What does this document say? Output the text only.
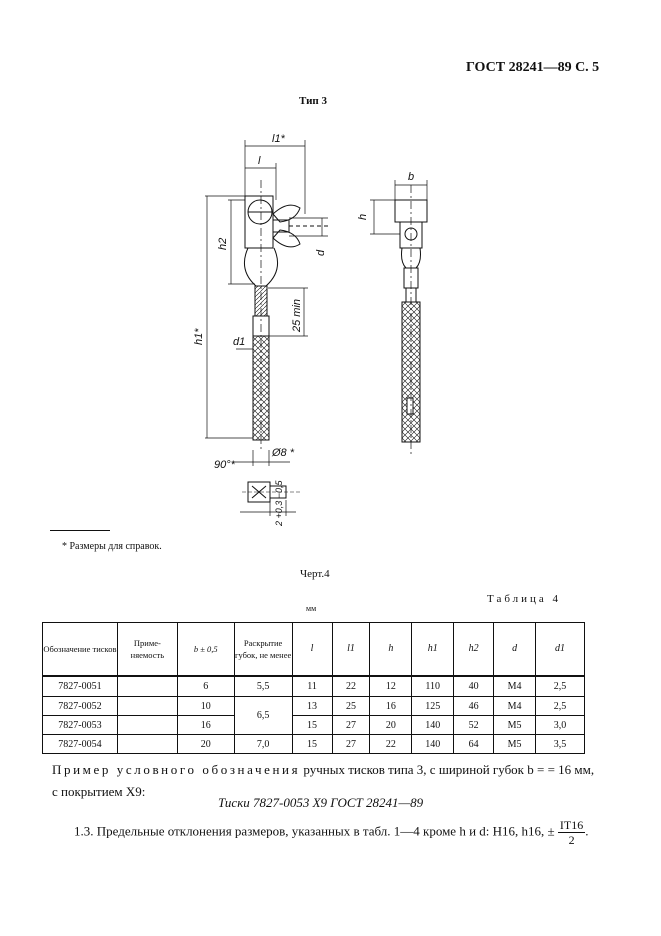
ГОСТ 28241—89 С. 5
Тип 3
l1*
l
b
h
h2
h1*
d
25 min
d1
Ø8 *
90°*
2 +0,3 −0,5
* Размеры для справок.
Черт.4
Таблица 4
мм
Обозначение тисков	Приме-няемость	b ± 0,5	Раскрытие губок, не менее	l	l1	h	h1	h2	d	d1
7827-0051		6	5,5	11	22	12	110	40	M4	2,5
7827-0052		10	6,5	13	25	16	125	46	M4	2,5
7827-0053		16		15	27	20	140	52	M5	3,0
7827-0054		20	7,0	15	27	22	140	64	M5	3,5
Пример условного обозначения ручных тисков типа 3, с шириной губок b = = 16 мм, с покрытием Х9:
Тиски 7827-0053 Х9 ГОСТ 28241—89
1.3. Предельные отклонения размеров, указанных в табл. 1—4 кроме h и d: H16, h16, ± $\frac{IT16}{2}$ .
